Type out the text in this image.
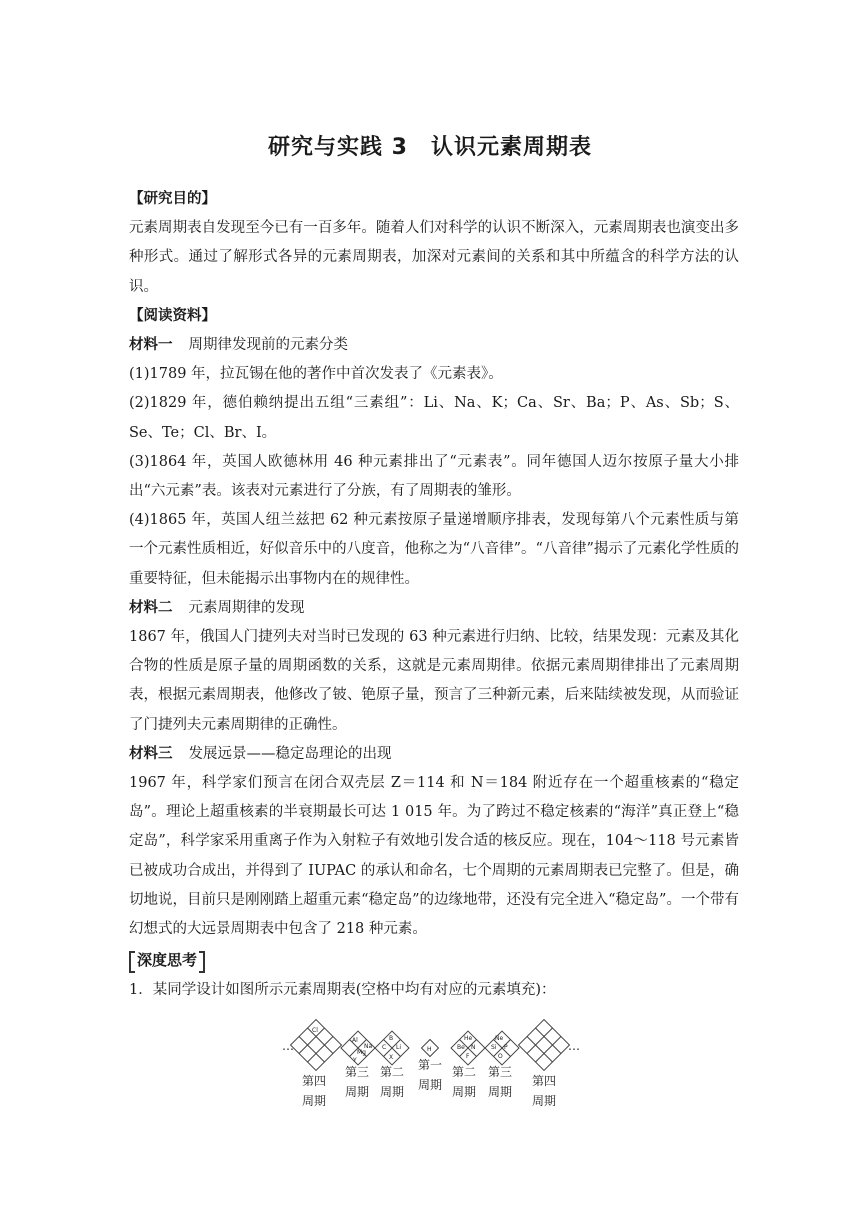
研究与实践 3　认识元素周期表

【研究目的】

元素周期表自发现至今已有一百多年。随着人们对科学的认识不断深入，元素周期表也演变出多种形式。通过了解形式各异的元素周期表，加深对元素间的关系和其中所蕴含的科学方法的认识。

【阅读资料】

材料一 周期律发现前的元素分类

(1)1789 年，拉瓦锡在他的著作中首次发表了《元素表》。

(2)1829 年，德伯赖纳提出五组“三素组”：Li、Na、K；Ca、Sr、Ba；P、As、Sb；S、Se、Te；Cl、Br、I。

(3)1864 年，英国人欧德林用 46 种元素排出了“元素表”。同年德国人迈尔按原子量大小排出“六元素”表。该表对元素进行了分族，有了周期表的雏形。

(4)1865 年，英国人纽兰兹把 62 种元素按原子量递增顺序排表，发现每第八个元素性质与第一个元素性质相近，好似音乐中的八度音，他称之为“八音律”。“八音律”揭示了元素化学性质的重要特征，但未能揭示出事物内在的规律性。

材料二 元素周期律的发现

1867 年，俄国人门捷列夫对当时已发现的 63 种元素进行归纳、比较，结果发现：元素及其化合物的性质是原子量的周期函数的关系，这就是元素周期律。依据元素周期律排出了元素周期表，根据元素周期表，他修改了铍、铯原子量，预言了三种新元素，后来陆续被发现，从而验证了门捷列夫元素周期律的正确性。

材料三 发展远景——稳定岛理论的出现

1967 年，科学家们预言在闭合双壳层 Z＝114 和 N＝184 附近存在一个超重核素的“稳定岛”。理论上超重核素的半衰期最长可达 1 015 年。为了跨过不稳定核素的“海洋”真正登上“稳定岛”，科学家采用重离子作为入射粒子有效地引发合适的核反应。现在，104～118 号元素皆已被成功合成出，并得到了 IUPAC 的承认和命名，七个周期的元素周期表已完整了。但是，确切地说，目前只是刚刚踏上超重元素“稳定岛”的边缘地带，还没有完全进入“稳定岛”。一个带有幻想式的大远景周期表中包含了 218 种元素。

深度思考

1．某同学设计如图所示元素周期表(空格中均有对应的元素填充)：

…	…
Al
Na
Mg
Y
B
C Li
X
H
He
Be N
F
Ne
Si P
O
Cl
第四
周期
第三
周期
第二
周期
第一
周期
第二
周期
第三
周期
第四
周期
